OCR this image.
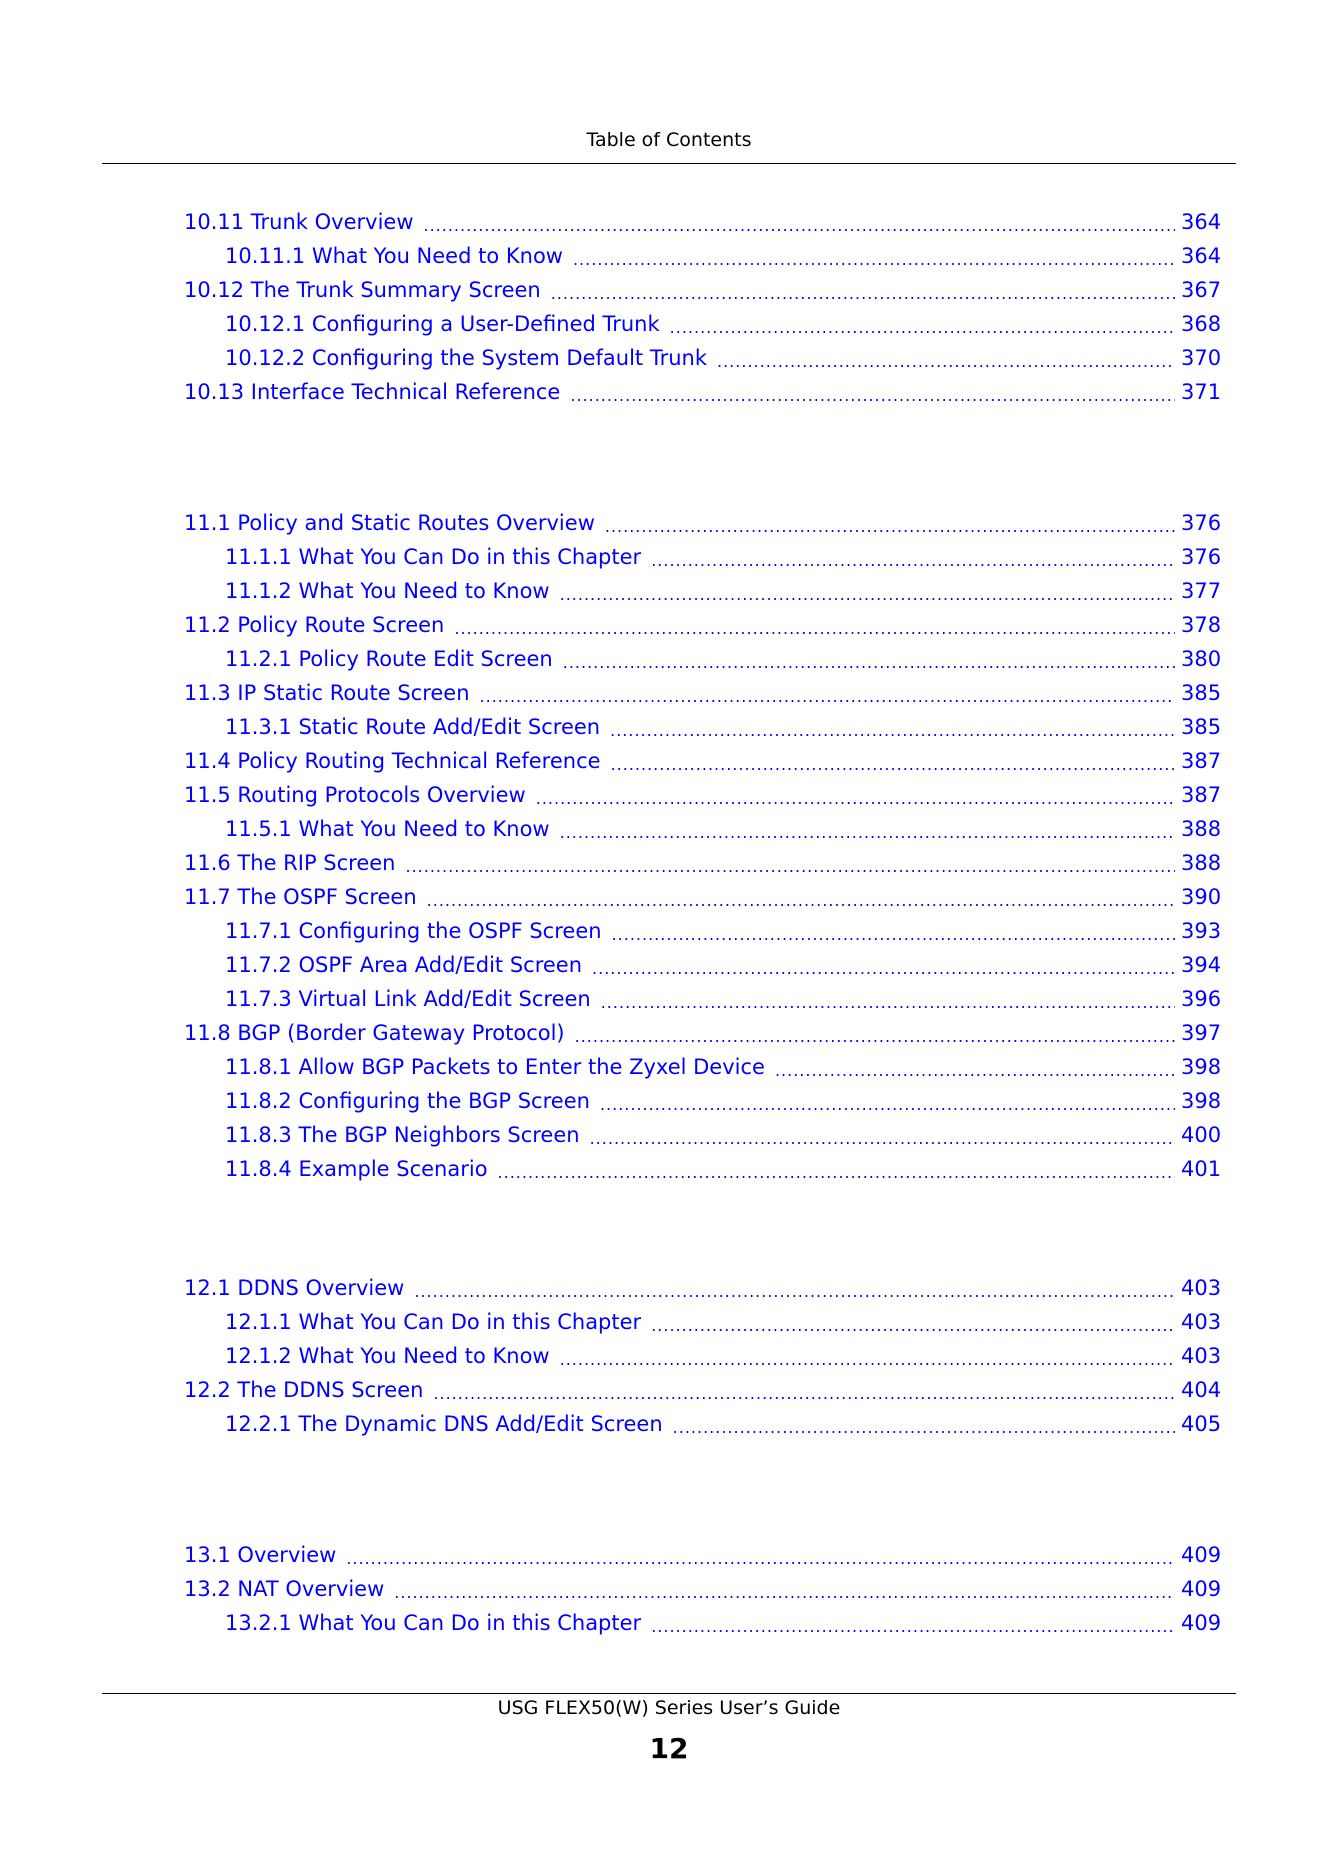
Table of Contents
10.11 Trunk Overview .....	364
10.11.1 What You Need to Know .....	364
10.12 The Trunk Summary Screen .....	367
10.12.1 Configuring a User-Defined Trunk .....	368
10.12.2 Configuring the System Default Trunk .....	370
10.13 Interface Technical Reference .....	371
11.1 Policy and Static Routes Overview .....	376
11.1.1 What You Can Do in this Chapter .....	376
11.1.2 What You Need to Know .....	377
11.2 Policy Route Screen .....	378
11.2.1 Policy Route Edit Screen .....	380
11.3 IP Static Route Screen .....	385
11.3.1 Static Route Add/Edit Screen .....	385
11.4 Policy Routing Technical Reference .....	387
11.5 Routing Protocols Overview .....	387
11.5.1 What You Need to Know .....	388
11.6 The RIP Screen .....	388
11.7 The OSPF Screen .....	390
11.7.1 Configuring the OSPF Screen .....	393
11.7.2 OSPF Area Add/Edit Screen .....	394
11.7.3 Virtual Link Add/Edit Screen .....	396
11.8 BGP (Border Gateway Protocol) .....	397
11.8.1 Allow BGP Packets to Enter the Zyxel Device .....	398
11.8.2 Configuring the BGP Screen .....	398
11.8.3 The BGP Neighbors Screen .....	400
11.8.4 Example Scenario .....	401
12.1 DDNS Overview .....	403
12.1.1 What You Can Do in this Chapter .....	403
12.1.2 What You Need to Know .....	403
12.2 The DDNS Screen .....	404
12.2.1 The Dynamic DNS Add/Edit Screen .....	405
13.1 Overview .....	409
13.2 NAT Overview .....	409
13.2.1 What You Can Do in this Chapter .....	409
USG FLEX50(W) Series User’s Guide
12
